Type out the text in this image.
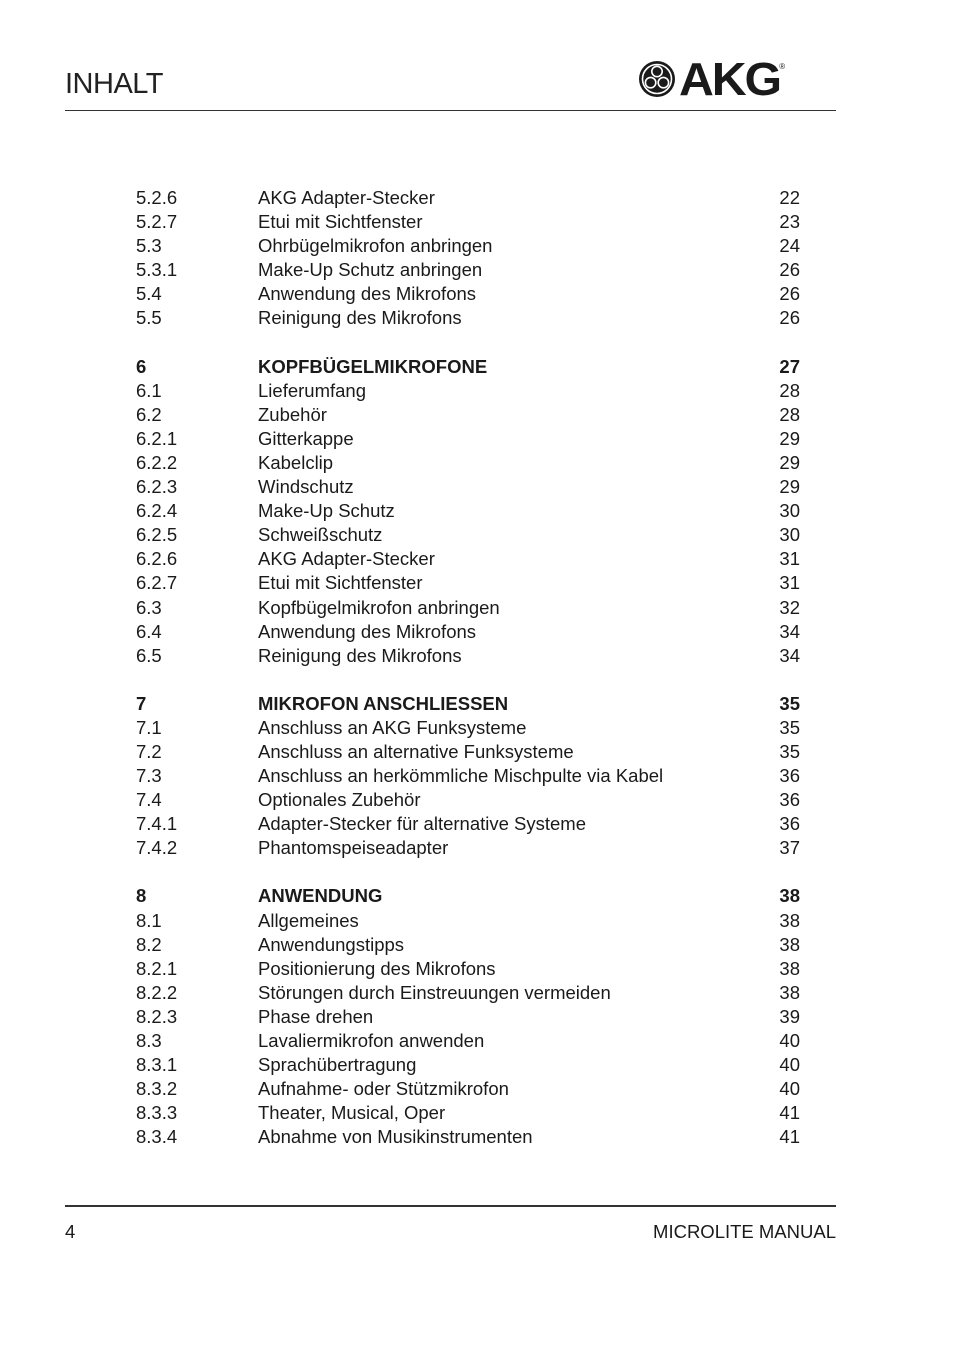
INHALT	AKG ®
5.2.6	AKG Adapter-Stecker	22
5.2.7	Etui mit Sichtfenster	23
5.3	Ohrbügelmikrofon anbringen	24
5.3.1	Make-Up Schutz anbringen	26
5.4	Anwendung des Mikrofons	26
5.5	Reinigung des Mikrofons	26
6	KOPFBÜGELMIKROFONE	27
6.1	Lieferumfang	28
6.2	Zubehör	28
6.2.1	Gitterkappe	29
6.2.2	Kabelclip	29
6.2.3	Windschutz	29
6.2.4	Make-Up Schutz	30
6.2.5	Schweißschutz	30
6.2.6	AKG Adapter-Stecker	31
6.2.7	Etui mit Sichtfenster	31
6.3	Kopfbügelmikrofon anbringen	32
6.4	Anwendung des Mikrofons	34
6.5	Reinigung des Mikrofons	34
7	MIKROFON ANSCHLIESSEN	35
7.1	Anschluss an AKG Funksysteme	35
7.2	Anschluss an alternative Funksysteme	35
7.3	Anschluss an herkömmliche Mischpulte via Kabel	36
7.4	Optionales Zubehör	36
7.4.1	Adapter-Stecker für alternative Systeme	36
7.4.2	Phantomspeiseadapter	37
8	ANWENDUNG	38
8.1	Allgemeines	38
8.2	Anwendungstipps	38
8.2.1	Positionierung des Mikrofons	38
8.2.2	Störungen durch Einstreuungen vermeiden	38
8.2.3	Phase drehen	39
8.3	Lavaliermikrofon anwenden	40
8.3.1	Sprachübertragung	40
8.3.2	Aufnahme- oder Stützmikrofon	40
8.3.3	Theater, Musical, Oper	41
8.3.4	Abnahme von Musikinstrumenten	41
4	MICROLITE MANUAL
